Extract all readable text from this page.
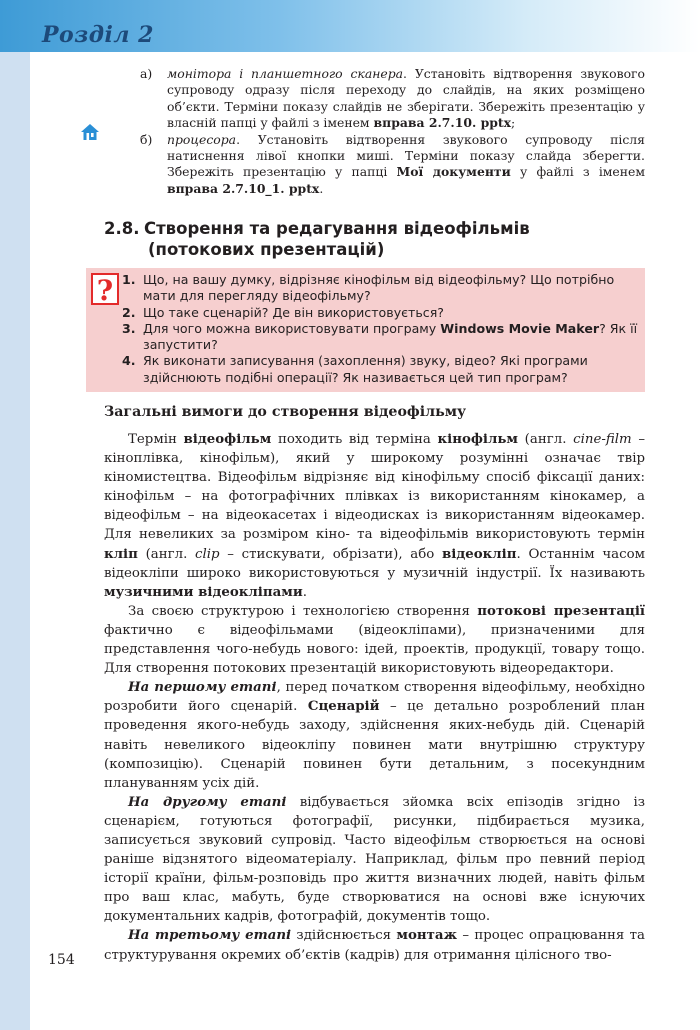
Розділ 2
а) монітора і планшетного сканера. Установіть відтворення звукового супроводу одразу після переходу до слайдів, на яких розміщено об’єкти. Терміни показу слайдів не зберігати. Збережіть презентацію у власній папці у файлі з іменем вправа 2.7.10. pptx;
б) процесора. Установіть відтворення звукового супроводу після натиснення лівої кнопки миші. Терміни показу слайда зберегти. Збережіть презентацію у папці Мої документи у файлі з іменем вправа 2.7.10_1. pptx.
2.8. Створення та редагування відеофільмів
(потокових презентацій)
? 1. Що, на вашу думку, відрізняє кінофільм від відеофільму? Що потрібно мати для перегляду відеофільму?
2. Що таке сценарій? Де він використовується?
3. Для чого можна використовувати програму Windows Movie Maker? Як її запустити?
4. Як виконати записування (захоплення) звуку, відео? Які програми здійснюють подібні операції? Як називається цей тип програм?
Загальні вимоги до створення відеофільму

Термін відеофільм походить від терміна кінофільм (англ. cine-film – кіноплівка, кінофільм), який у широкому розумінні означає твір кіномистецтва. Відеофільм відрізняє від кінофільму спосіб фіксації даних: кінофільм – на фотографічних плівках із використанням кінокамер, а відеофільм – на відеокасетах і відеодисках із використанням відеокамер. Для невеликих за розміром кіно- та відеофільмів використовують термін кліп (англ. clip – стискувати, обрізати), або відеокліп. Останнім часом відеокліпи широко використовуються у музичній індустрії. Їх називають музичними відеокліпами.

За своєю структурою і технологією створення потокові презентації фактично є відеофільмами (відеокліпами), призначеними для представлення чого-небудь нового: ідей, проектів, продукції, товару тощо. Для створення потокових презентацій використовують відеоредактори.

На першому етапі, перед початком створення відеофільму, необхідно розробити його сценарій. Сценарій – це детально розроблений план проведення якого-небудь заходу, здійснення яких-небудь дій. Сценарій навіть невеликого відеокліпу повинен мати внутрішню структуру (композицію). Сценарій повинен бути детальним, з посекундним плануванням усіх дій.

На другому етапі відбувається зйомка всіх епізодів згідно із сценарієм, готуються фотографії, рисунки, підбирається музика, записується звуковий супровід. Часто відеофільм створюється на основі раніше відзнятого відеоматеріалу. Наприклад, фільм про певний період історії країни, фільм-розповідь про життя визначних людей, навіть фільм про ваш клас, мабуть, буде створюватися на основі вже існуючих документальних кадрів, фотографій, документів тощо.

На третьому етапі здійснюється монтаж – процес опрацювання та структурування окремих об’єктів (кадрів) для отримання цілісного тво-

154
